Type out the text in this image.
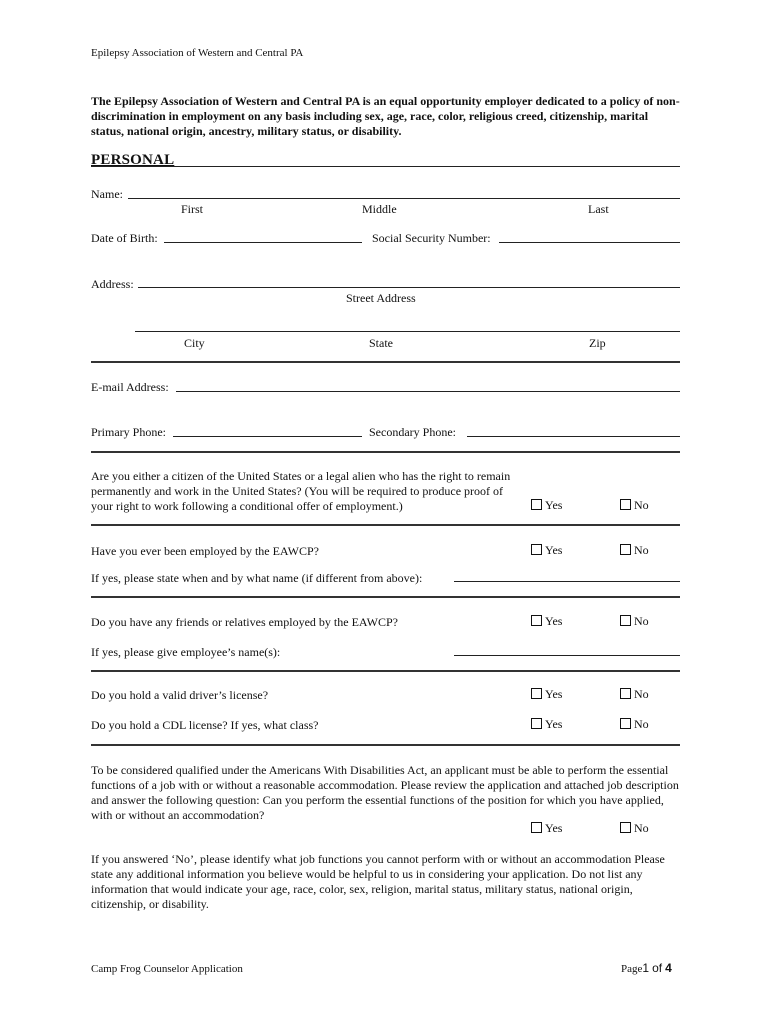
Epilepsy Association of Western and Central PA
The Epilepsy Association of Western and Central PA is an equal opportunity employer dedicated to a policy of non-discrimination in employment on any basis including sex, age, race, color, religious creed, citizenship, marital status, national origin, ancestry, military status, or disability.
PERSONAL
Name:
First	Middle	Last
Date of Birth:	Social Security Number:
Address:
Street Address
City	State	Zip
E-mail Address:
Primary Phone:	Secondary Phone:
Are you either a citizen of the United States or a legal alien who has the right to remain permanently and work in the United States? (You will be required to produce proof of your right to work following a conditional offer of employment.)	Yes	No
Have you ever been employed by the EAWCP?	Yes	No
If yes, please state when and by what name (if different from above):
Do you have any friends or relatives employed by the EAWCP?	Yes	No
If yes, please give employee’s name(s):
Do you hold a valid driver’s license?	Yes	No
Do you hold a CDL license? If yes, what class?	Yes	No
To be considered qualified under the Americans With Disabilities Act, an applicant must be able to perform the essential functions of a job with or without a reasonable accommodation. Please review the application and attached job description and answer the following question: Can you perform the essential functions of the position for which you have applied, with or without an accommodation?
Yes	No
If you answered ‘No’, please identify what job functions you cannot perform with or without an accommodation Please state any additional information you believe would be helpful to us in considering your application. Do not list any information that would indicate your age, race, color, sex, religion, marital status, military status, national origin, citizenship, or disability.
Camp Frog Counselor Application	Page1 of 4
